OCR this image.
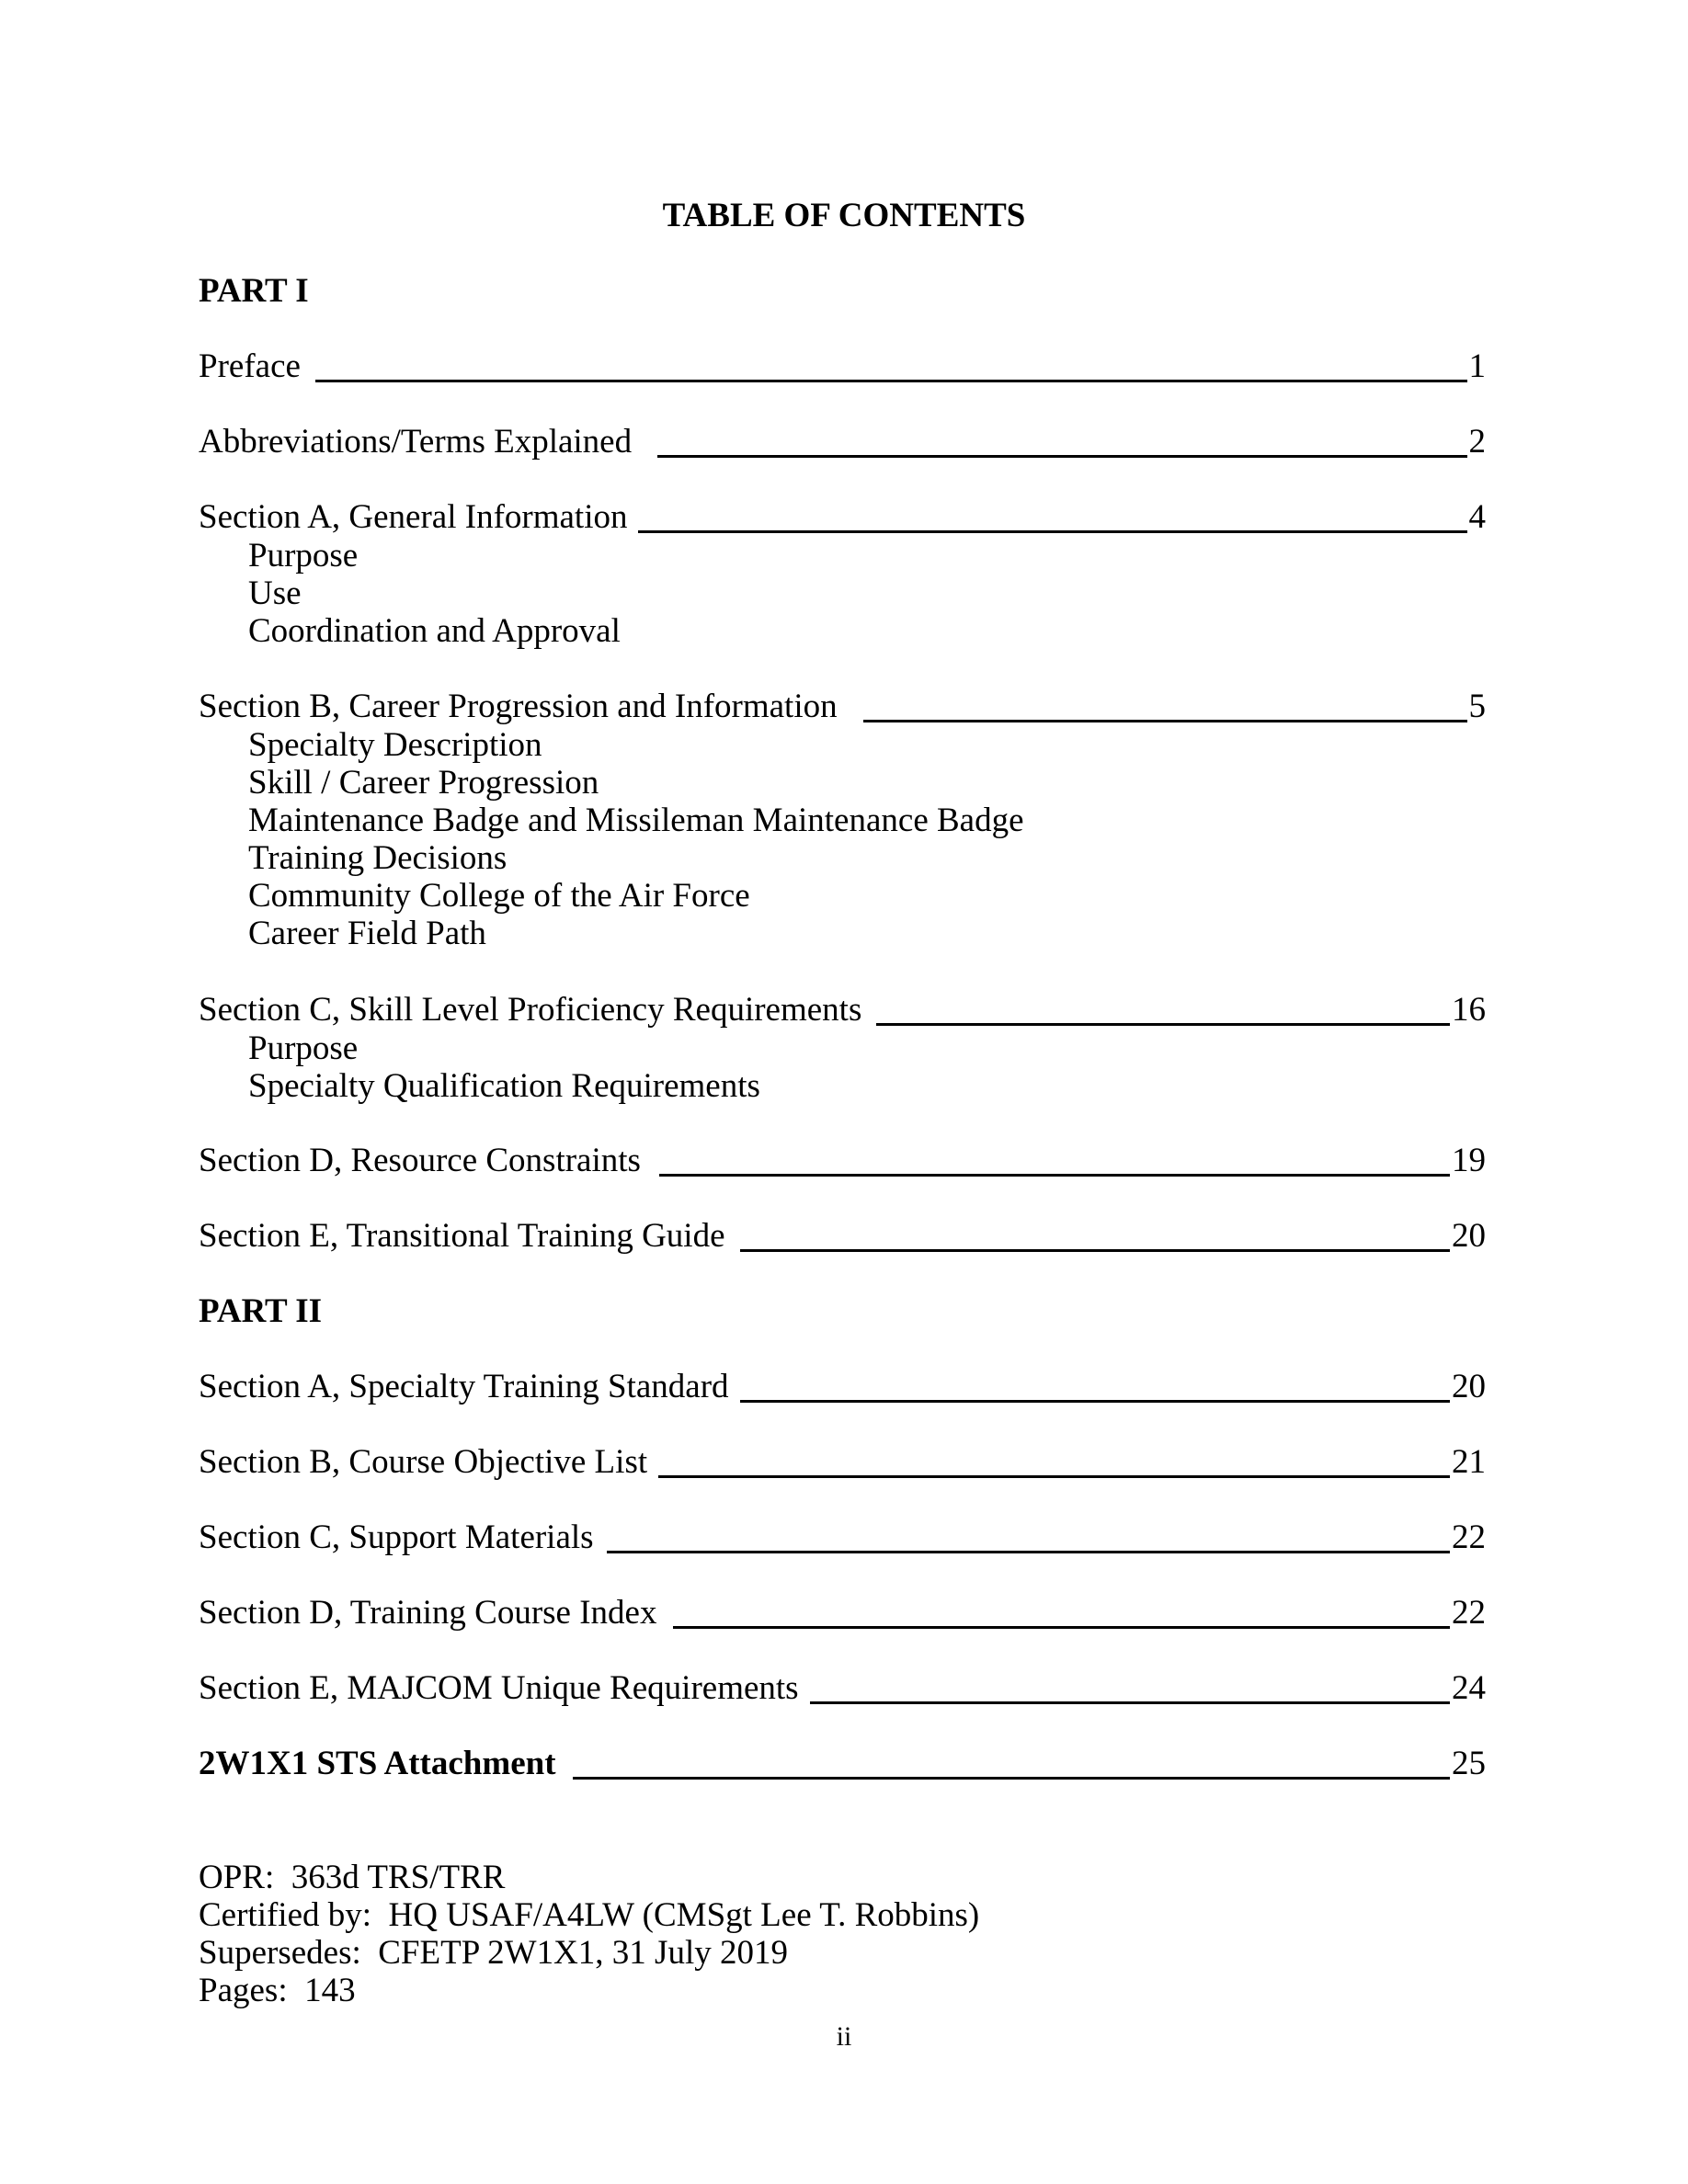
TABLE OF CONTENTS
PART I
Preface	1
Abbreviations/Terms Explained	2
Section A, General Information	4
Purpose
Use
Coordination and Approval
Section B, Career Progression and Information	5
Specialty Description
Skill / Career Progression
Maintenance Badge and Missileman Maintenance Badge
Training Decisions
Community College of the Air Force
Career Field Path
Section C, Skill Level Proficiency Requirements	16
Purpose
Specialty Qualification Requirements
Section D, Resource Constraints	19
Section E, Transitional Training Guide	20
PART II
Section A, Specialty Training Standard	20
Section B, Course Objective List	21
Section C, Support Materials	22
Section D, Training Course Index	22
Section E, MAJCOM Unique Requirements	24
2W1X1 STS Attachment	25
OPR:  363d TRS/TRR
Certified by:  HQ USAF/A4LW (CMSgt Lee T. Robbins)
Supersedes:  CFETP 2W1X1, 31 July 2019
Pages:  143
ii
